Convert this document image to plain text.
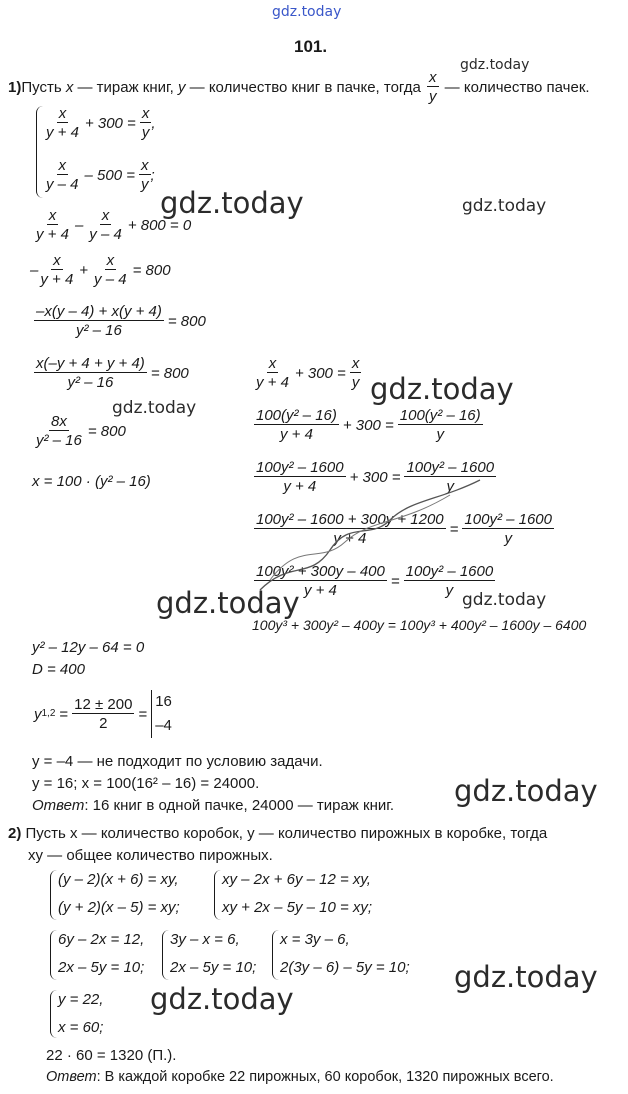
gdz.today
101.
1) Пусть x — тираж книг, y — количество книг в пачке, тогда $\frac{x}{y}$ — количество пачек.
gdz.today
$\frac{x}{y + 4} + 300 = \frac{x}{y}$ ,
$\frac{x}{y - 4} - 500 = \frac{x}{y}$ ;
gdz.today	gdz.today
$\frac{x}{y + 4} - \frac{x}{y - 4} + 800 = 0$
– $\frac{x}{y + 4} + \frac{x}{y - 4} = 800$
$\frac{-x(y - 4) + x(y + 4)}{\text{y² – 16}} = 800$
$\frac{x(-y + 4 + y + 4)}{\text{y² – 16}} = 800$
gdz.today
$\frac{8x}{\text{y² – 16}} = 800$
x = 100 · (y² – 16)
$\frac{x}{y + 4} + 300 = \frac{x}{y}$ gdz.today
$\frac{\text{100(y² – 16)}}{y + 4} + 300 = \frac{\text{100(y² – 16)}}{y}$
$\frac{\text{100y² – 1600}}{y + 4} + 300 = \frac{\text{100y² – 1600}}{y}$
$\frac{\text{100y² – 1600 + 300y + 1200}}{y + 4} = \frac{\text{100y² – 1600}}{y}$
$\frac{\text{100y² + 300y – 400}}{y + 4} = \frac{\text{100y² – 1600}}{y}$
gdz.today	gdz.today
100y³ + 300y² – 400y = 100y³ + 400y² – 1600y – 6400
y² – 12y – 64 = 0
D = 400
y $1,2 = \frac{12 \pm 200}{2}$ =
16
–4
y = –4 — не подходит по условию задачи.
y = 16; x = 100(16² – 16) = 24000.
Ответ: 16 книг в одной пачке, 24000 — тираж книг. gdz.today
2) Пусть x — количество коробок, y — количество пирожных в коробке, тогда
xy — общее количество пирожных.
(y – 2)(x + 6) = xy,
(y + 2)(x – 5) = xy;
xy – 2x + 6y – 12 = xy,
xy + 2x – 5y – 10 = xy;
6y – 2x = 12,
2x – 5y = 10;
3y – x = 6,
2x – 5y = 10;
x = 3y – 6,
2(3y – 6) – 5y = 10; gdz.today
y = 22,
x = 60;
gdz.today
22 · 60 = 1320 (П.).
Ответ: В каждой коробке 22 пирожных, 60 коробок, 1320 пирожных всего.
